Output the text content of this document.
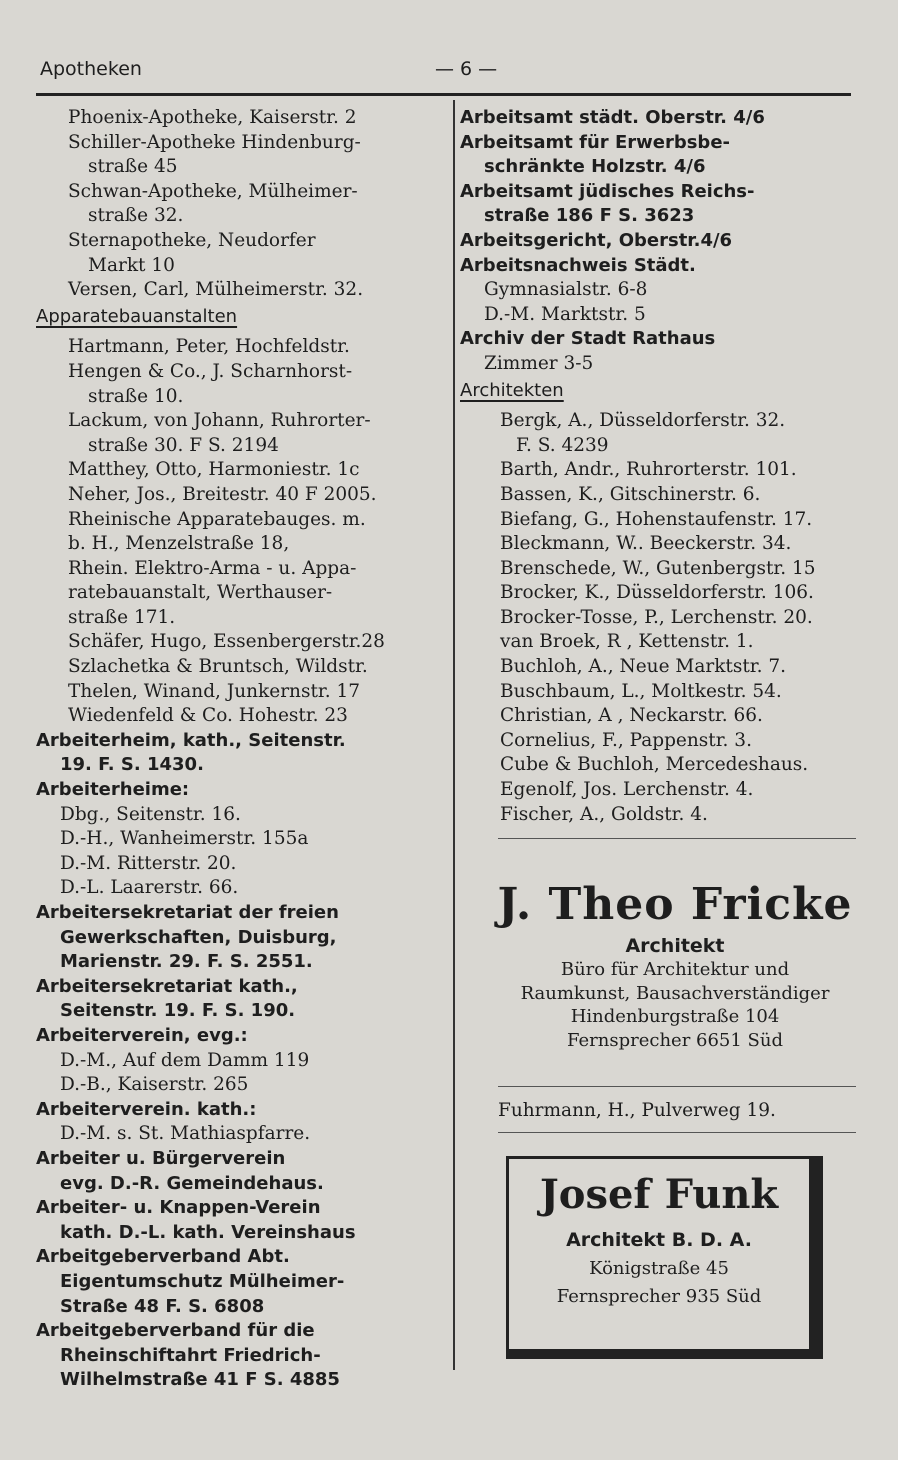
Apotheken	— 6 —
Phoenix-Apotheke, Kaiserstr. 2
Schiller-Apotheke Hindenburg-
straße 45
Schwan-Apotheke, Mülheimer-
straße 32.
Sternapotheke, Neudorfer
Markt 10
Versen, Carl, Mülheimerstr. 32.
Apparatebauanstalten
Hartmann, Peter, Hochfeldstr.
Hengen & Co., J. Scharnhorst-
straße 10.
Lackum, von Johann, Ruhrorter-
straße 30. F S. 2194
Matthey, Otto, Harmoniestr. 1c
Neher, Jos., Breitestr. 40 F 2005.
Rheinische Apparatebauges. m.
b. H., Menzelstraße 18,
Rhein. Elektro-Arma - u. Appa-
ratebauanstalt, Werthauser-
straße 171.
Schäfer, Hugo, Essenbergerstr.28
Szlachetka & Bruntsch, Wildstr.
Thelen, Winand, Junkernstr. 17
Wiedenfeld & Co. Hohestr. 23
Arbeiterheim, kath., Seitenstr.
19. F. S. 1430.
Arbeiterheime:
Dbg., Seitenstr. 16.
D.-H., Wanheimerstr. 155a
D.-M. Ritterstr. 20.
D.-L. Laarerstr. 66.
Arbeitersekretariat der freien
Gewerkschaften, Duisburg,
Marienstr. 29. F. S. 2551.
Arbeitersekretariat kath.,
Seitenstr. 19. F. S. 190.
Arbeiterverein, evg.:
D.-M., Auf dem Damm 119
D.-B., Kaiserstr. 265
Arbeiterverein. kath.:
D.-M. s. St. Mathiaspfarre.
Arbeiter u. Bürgerverein
evg. D.-R. Gemeindehaus.
Arbeiter- u. Knappen-Verein
kath. D.-L. kath. Vereinshaus
Arbeitgeberverband Abt.
Eigentumschutz Mülheimer-
Straße 48 F. S. 6808
Arbeitgeberverband für die
Rheinschiftahrt Friedrich-
Wilhelmstraße 41 F S. 4885
Arbeitsamt städt. Oberstr. 4/6
Arbeitsamt für Erwerbsbe-
schränkte Holzstr. 4/6
Arbeitsamt jüdisches Reichs-
straße 186 F S. 3623
Arbeitsgericht, Oberstr.4/6
Arbeitsnachweis Städt.
Gymnasialstr. 6-8
D.-M. Marktstr. 5
Archiv der Stadt Rathaus
Zimmer 3-5
Architekten
Bergk, A., Düsseldorferstr. 32.
F. S. 4239
Barth, Andr., Ruhrorterstr. 101.
Bassen, K., Gitschinerstr. 6.
Biefang, G., Hohenstaufenstr. 17.
Bleckmann, W.. Beeckerstr. 34.
Brenschede, W., Gutenbergstr. 15
Brocker, K., Düsseldorferstr. 106.
Brocker-Tosse, P., Lerchenstr. 20.
van Broek, R , Kettenstr. 1.
Buchloh, A., Neue Marktstr. 7.
Buschbaum, L., Moltkestr. 54.
Christian, A , Neckarstr. 66.
Cornelius, F., Pappenstr. 3.
Cube & Buchloh, Mercedeshaus.
Egenolf, Jos. Lerchenstr. 4.
Fischer, A., Goldstr. 4.
J. Theo Fricke
Architekt
Büro für Architektur und
Raumkunst, Bausachverständiger
Hindenburgstraße 104
Fernsprecher 6651 Süd
Fuhrmann, H., Pulverweg 19.
Josef Funk
Architekt B. D. A.
Königstraße 45
Fernsprecher 935 Süd
